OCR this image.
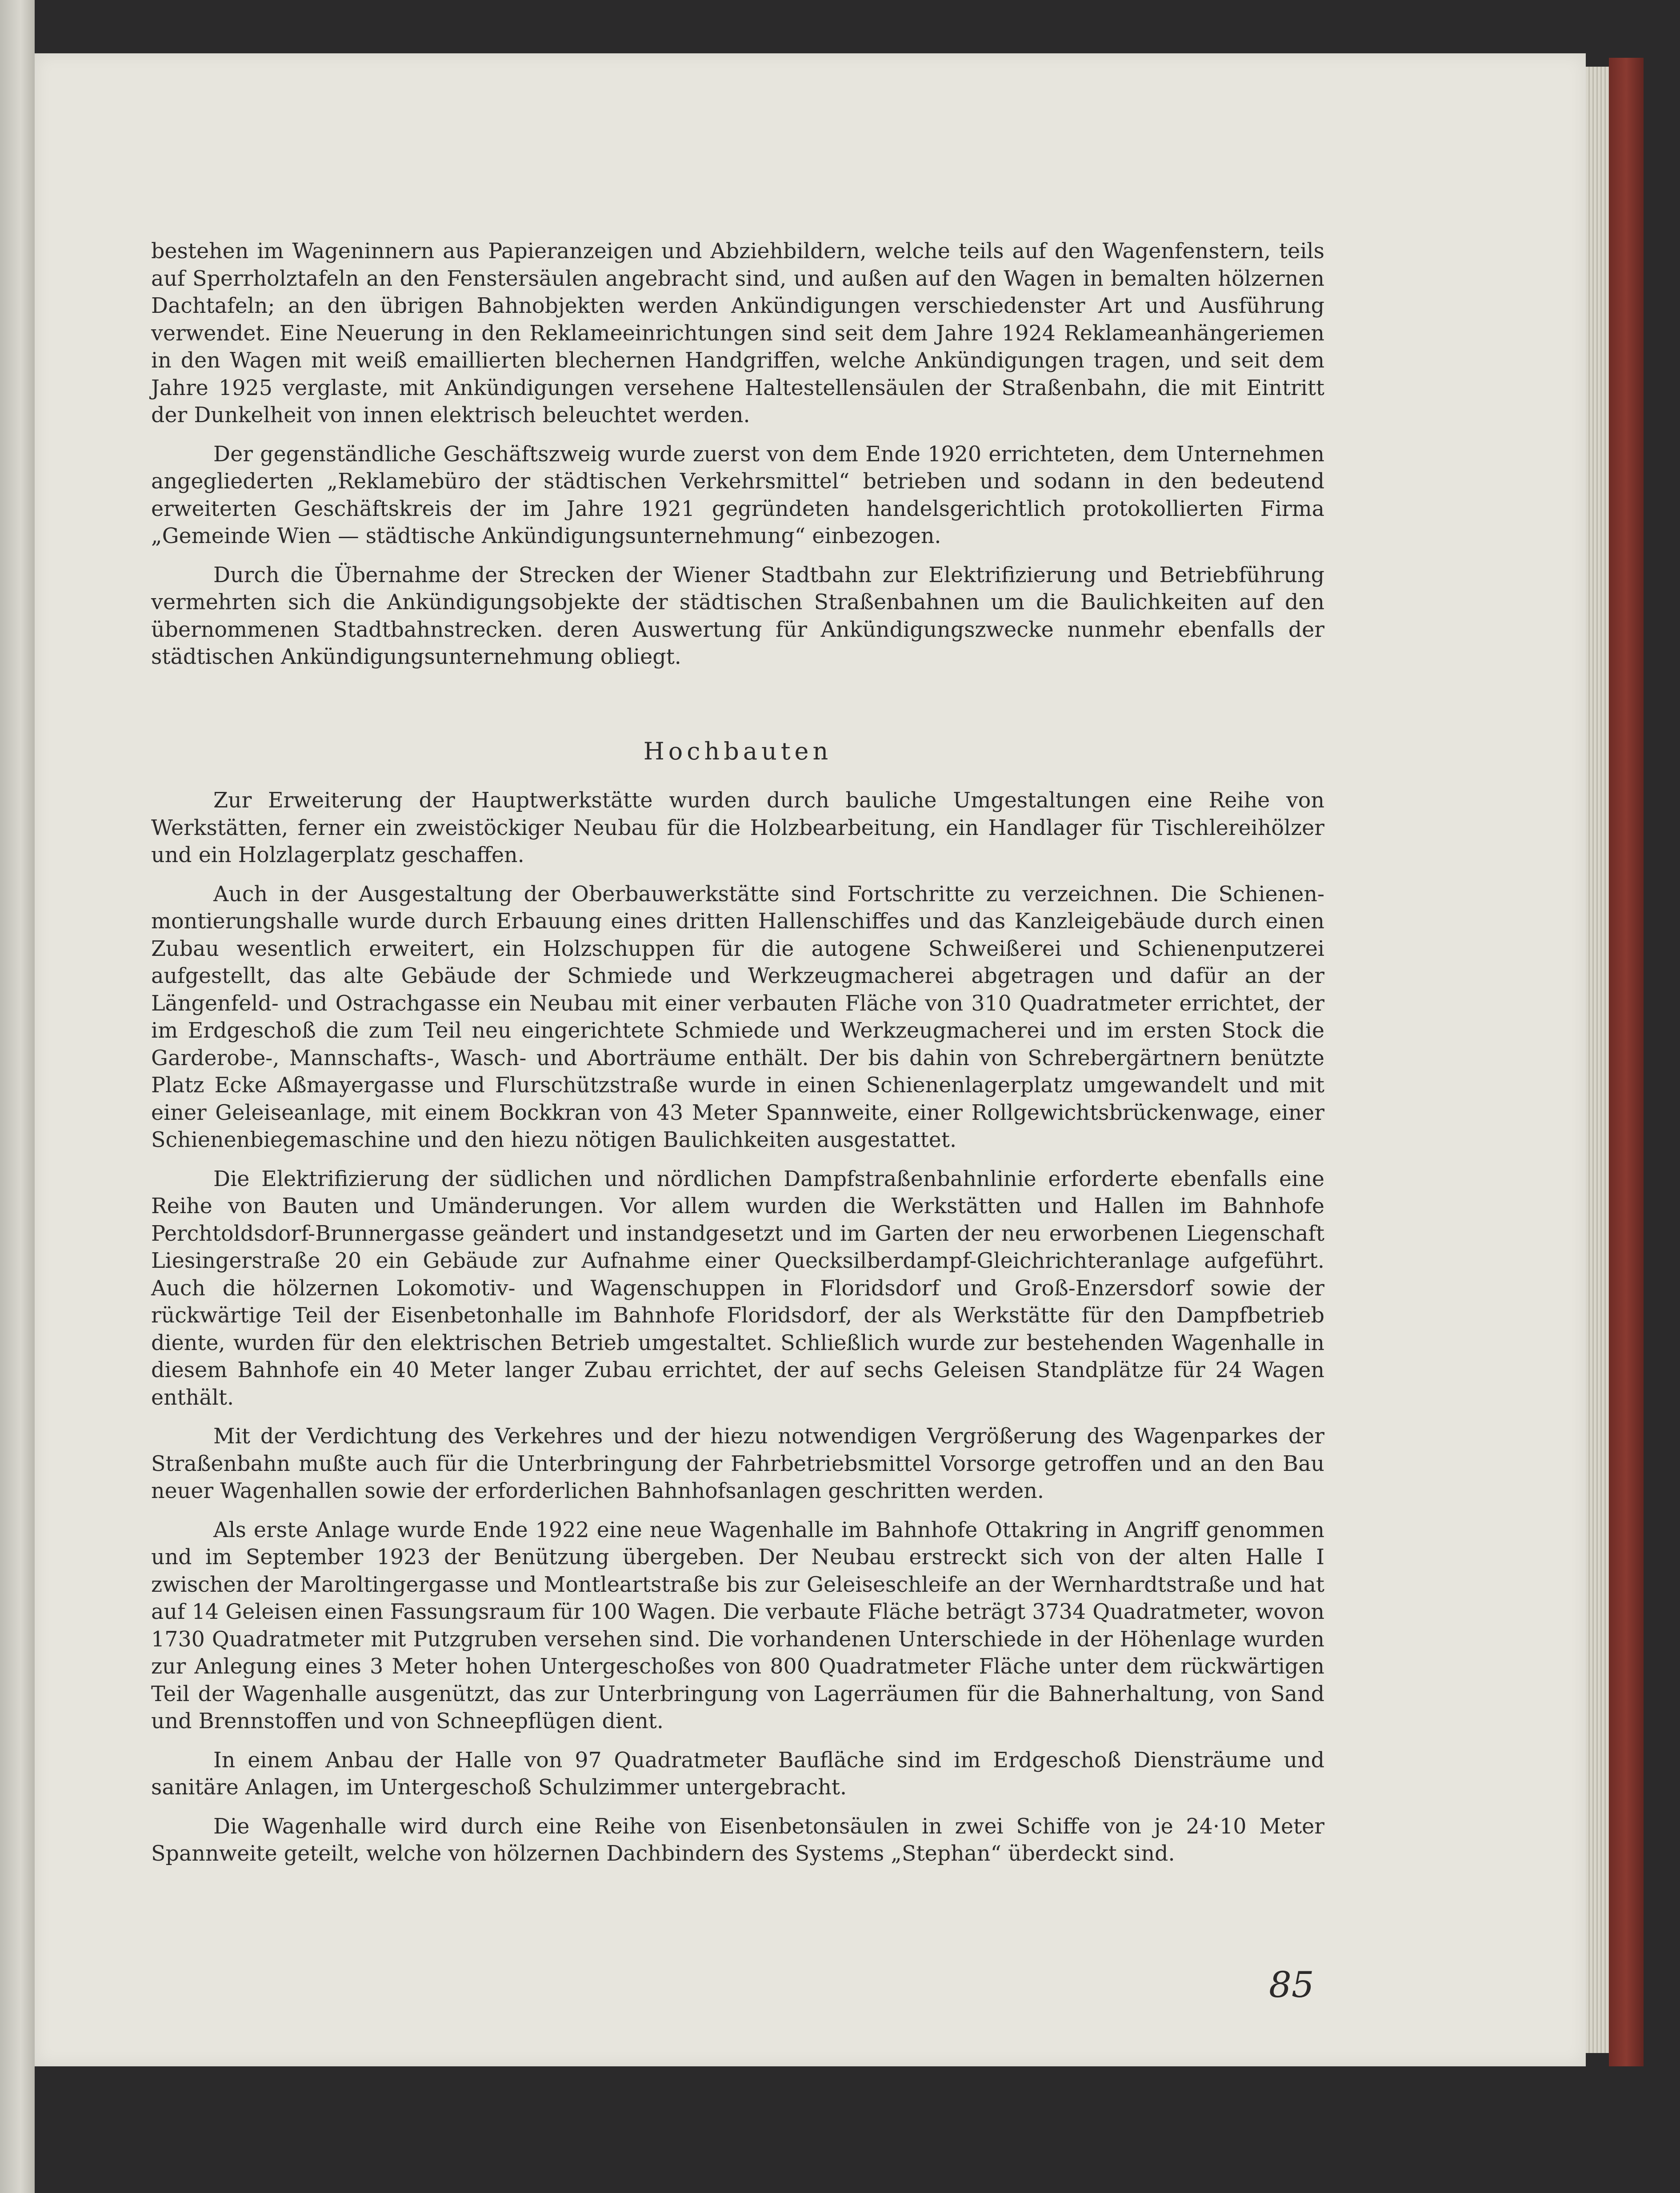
bestehen im Wageninnern aus Papieranzeigen und Abziehbildern, welche teils auf den Wagenfenstern, teils auf Sperrholztafeln an den Fenstersäulen angebracht sind, und außen auf den Wagen in bemalten hölzernen Dachtafeln; an den übrigen Bahnobjekten werden Ankündigungen verschiedenster Art und Ausführung verwendet. Eine Neuerung in den Reklameeinrichtungen sind seit dem Jahre 1924 Reklameanhängeriemen in den Wagen mit weiß emaillierten blechernen Handgriffen, welche Ankündigungen tragen, und seit dem Jahre 1925 verglaste, mit Ankündigungen versehene Haltestellensäulen der Straßenbahn, die mit Eintritt der Dunkelheit von innen elektrisch beleuchtet werden.

Der gegenständliche Geschäftszweig wurde zuerst von dem Ende 1920 errichteten, dem Unternehmen angegliederten „Reklamebüro der städtischen Verkehrsmittel“ betrieben und sodann in den bedeutend erweiterten Geschäftskreis der im Jahre 1921 gegründeten handelsgerichtlich protokollierten Firma „Gemeinde Wien — städtische Ankündigungsunternehmung“ einbezogen.

Durch die Übernahme der Strecken der Wiener Stadtbahn zur Elektrifizierung und Betriebführung vermehrten sich die Ankündigungsobjekte der städtischen Straßenbahnen um die Baulichkeiten auf den übernommenen Stadtbahnstrecken. deren Auswertung für Ankündigungszwecke nunmehr ebenfalls der städtischen Ankündigungsunternehmung obliegt.

Hochbauten

Zur Erweiterung der Hauptwerkstätte wurden durch bauliche Umgestaltungen eine Reihe von Werkstätten, ferner ein zweistöckiger Neubau für die Holzbearbeitung, ein Handlager für Tischlereihölzer und ein Holzlagerplatz geschaffen.

Auch in der Ausgestaltung der Oberbauwerkstätte sind Fortschritte zu verzeichnen. Die Schienenmontierungshalle wurde durch Erbauung eines dritten Hallenschiffes und das Kanzleigebäude durch einen Zubau wesentlich erweitert, ein Holzschuppen für die autogene Schweißerei und Schienenputzerei aufgestellt, das alte Gebäude der Schmiede und Werkzeugmacherei abgetragen und dafür an der Längenfeld- und Ostrachgasse ein Neubau mit einer verbauten Fläche von 310 Quadratmeter errichtet, der im Erdgeschoß die zum Teil neu eingerichtete Schmiede und Werkzeugmacherei und im ersten Stock die Garderobe-, Mannschafts-, Wasch- und Aborträume enthält. Der bis dahin von Schrebergärtnern benützte Platz Ecke Aßmayergasse und Flurschützstraße wurde in einen Schienenlagerplatz umgewandelt und mit einer Geleiseanlage, mit einem Bockkran von 43 Meter Spannweite, einer Rollgewichtsbrückenwage, einer Schienenbiegemaschine und den hiezu nötigen Baulichkeiten ausgestattet.

Die Elektrifizierung der südlichen und nördlichen Dampfstraßenbahnlinie erforderte ebenfalls eine Reihe von Bauten und Umänderungen. Vor allem wurden die Werkstätten und Hallen im Bahnhofe Perchtoldsdorf-Brunnergasse geändert und instandgesetzt und im Garten der neu erworbenen Liegenschaft Liesingerstraße 20 ein Gebäude zur Aufnahme einer Quecksilberdampf-Gleichrichteranlage aufgeführt. Auch die hölzernen Lokomotiv- und Wagenschuppen in Floridsdorf und Groß-Enzersdorf sowie der rückwärtige Teil der Eisenbetonhalle im Bahnhofe Floridsdorf, der als Werkstätte für den Dampfbetrieb diente, wurden für den elektrischen Betrieb umgestaltet. Schließlich wurde zur bestehenden Wagenhalle in diesem Bahnhofe ein 40 Meter langer Zubau errichtet, der auf sechs Geleisen Standplätze für 24 Wagen enthält.

Mit der Verdichtung des Verkehres und der hiezu notwendigen Vergrößerung des Wagenparkes der Straßenbahn mußte auch für die Unterbringung der Fahrbetriebsmittel Vorsorge getroffen und an den Bau neuer Wagenhallen sowie der erforderlichen Bahnhofsanlagen geschritten werden.

Als erste Anlage wurde Ende 1922 eine neue Wagenhalle im Bahnhofe Ottakring in Angriff genommen und im September 1923 der Benützung übergeben. Der Neubau erstreckt sich von der alten Halle I zwischen der Maroltingergasse und Montleartstraße bis zur Geleiseschleife an der Wernhardtstraße und hat auf 14 Geleisen einen Fassungsraum für 100 Wagen. Die verbaute Fläche beträgt 3734 Quadratmeter, wovon 1730 Quadratmeter mit Putzgruben versehen sind. Die vorhandenen Unterschiede in der Höhenlage wurden zur Anlegung eines 3 Meter hohen Untergeschoßes von 800 Quadratmeter Fläche unter dem rückwärtigen Teil der Wagenhalle ausgenützt, das zur Unterbringung von Lagerräumen für die Bahnerhaltung, von Sand und Brennstoffen und von Schneepflügen dient.

In einem Anbau der Halle von 97 Quadratmeter Baufläche sind im Erdgeschoß Diensträume und sanitäre Anlagen, im Untergeschoß Schulzimmer untergebracht.

Die Wagenhalle wird durch eine Reihe von Eisenbetonsäulen in zwei Schiffe von je 24·10 Meter Spannweite geteilt, welche von hölzernen Dachbindern des Systems „Stephan“ überdeckt sind.

85
